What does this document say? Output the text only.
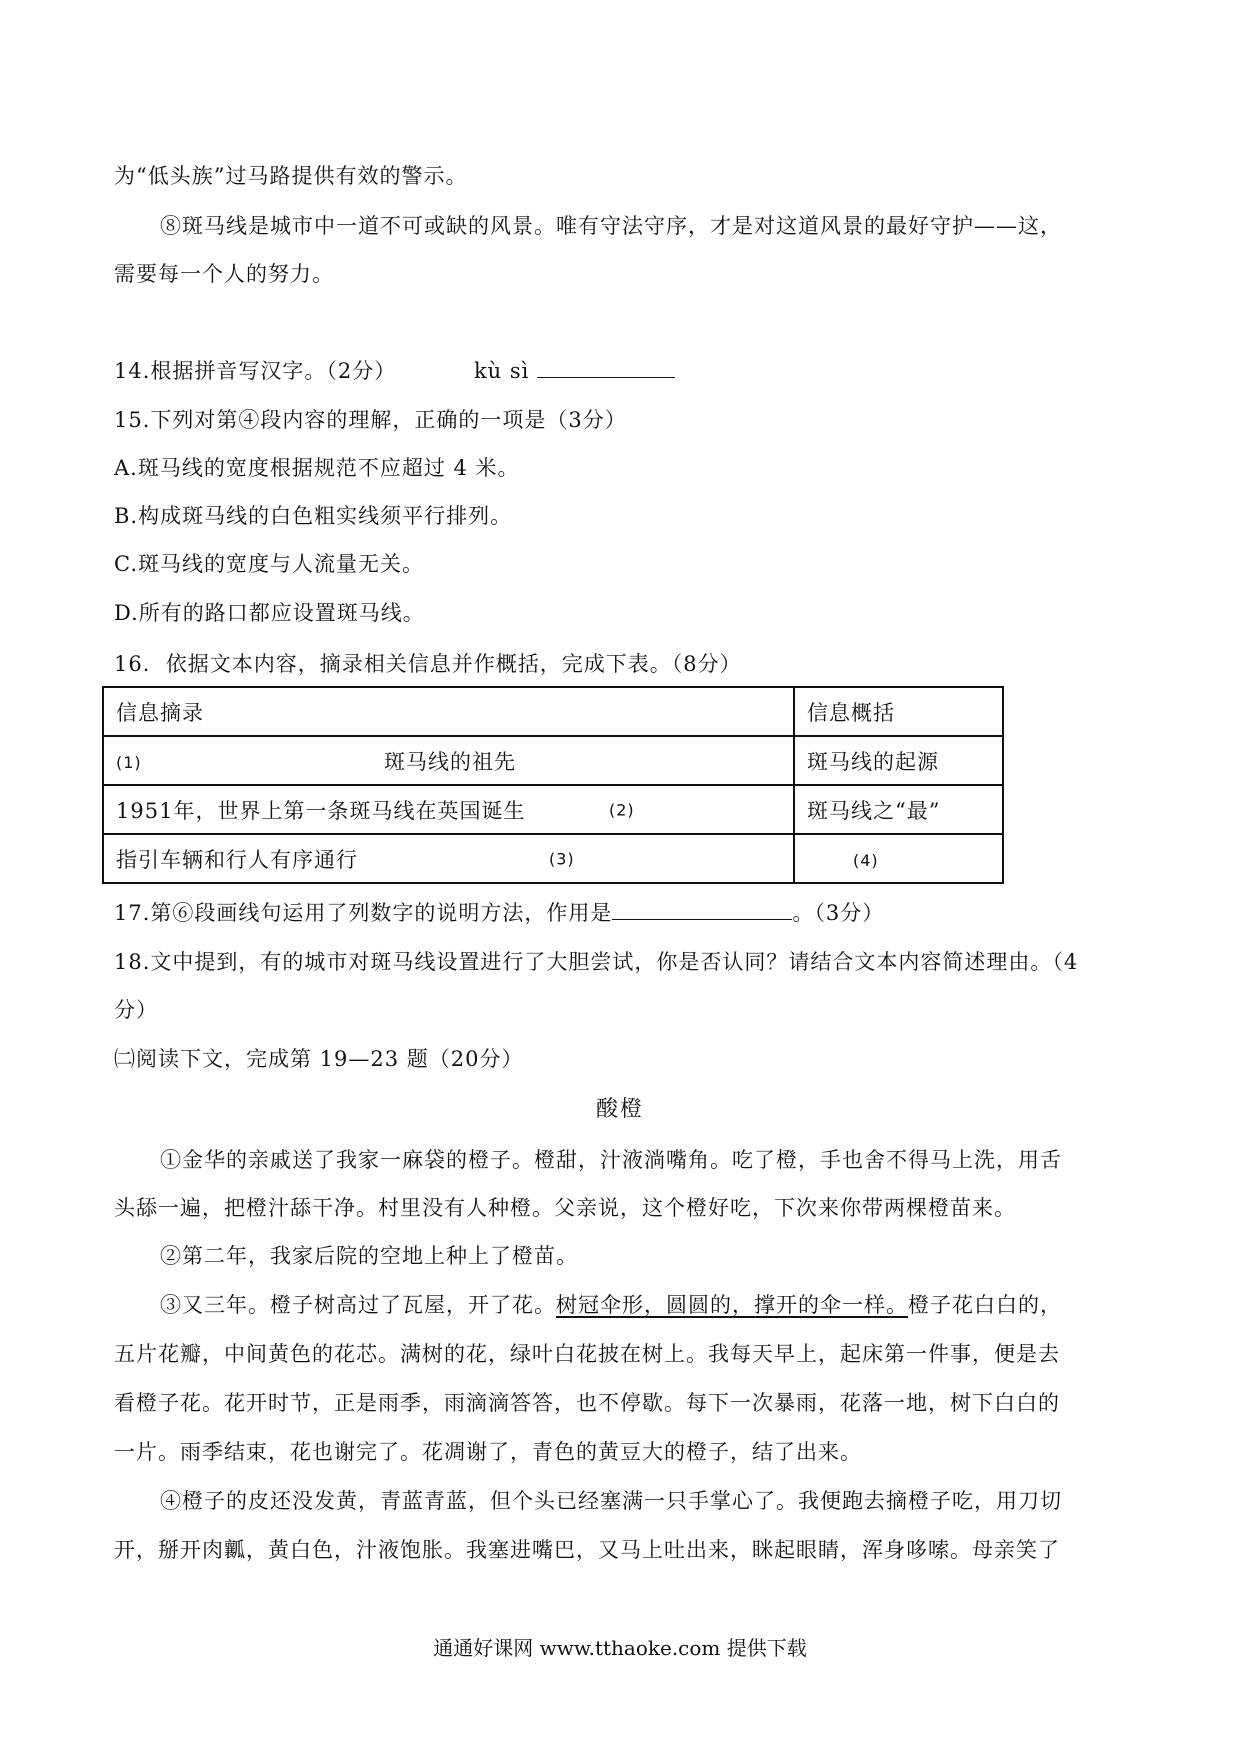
为“低头族”过马路提供有效的警示。
⑧斑马线是城市中一道不可或缺的风景。唯有守法守序，才是对这道风景的最好守护——这，
需要每一个人的努力。
14.根据拼音写汉字。（2分）	kù sì
15.下列对第④段内容的理解，正确的一项是（3分）
A.斑马线的宽度根据规范不应超过 4 米。
B.构成斑马线的白色粗实线须平行排列。
C.斑马线的宽度与人流量无关。
D.所有的路口都应设置斑马线。
16.  依据文本内容，摘录相关信息并作概括，完成下表。（8分）
信息摘录	信息概括
(1) 斑马线的祖先	斑马线的起源
1951年，世界上第一条斑马线在英国诞生 (2)	斑马线之“最”
指引车辆和行人有序通行 (3)	(4)
17.第⑥段画线句运用了列数字的说明方法，作用是	。（3分）
18.文中提到，有的城市对斑马线设置进行了大胆尝试，你是否认同？请结合文本内容简述理由。（4
分）
㈡阅读下文，完成第 19—23 题（20分）
酸橙
①金华的亲戚送了我家一麻袋的橙子。橙甜，汁液淌嘴角。吃了橙，手也舍不得马上洗，用舌
头舔一遍，把橙汁舔干净。村里没有人种橙。父亲说，这个橙好吃，下次来你带两棵橙苗来。
②第二年，我家后院的空地上种上了橙苗。
③又三年。橙子树高过了瓦屋，开了花。树冠伞形，圆圆的，撑开的伞一样。橙子花白白的，
五片花瓣，中间黄色的花芯。满树的花，绿叶白花披在树上。我每天早上，起床第一件事，便是去
看橙子花。花开时节，正是雨季，雨滴滴答答，也不停歇。每下一次暴雨，花落一地，树下白白的
一片。雨季结束，花也谢完了。花凋谢了，青色的黄豆大的橙子，结了出来。
④橙子的皮还没发黄，青蓝青蓝，但个头已经塞满一只手掌心了。我便跑去摘橙子吃，用刀切
开，掰开肉瓤，黄白色，汁液饱胀。我塞进嘴巴，又马上吐出来，眯起眼睛，浑身哆嗦。母亲笑了
通通好课网 www.tthaoke.com 提供下载
